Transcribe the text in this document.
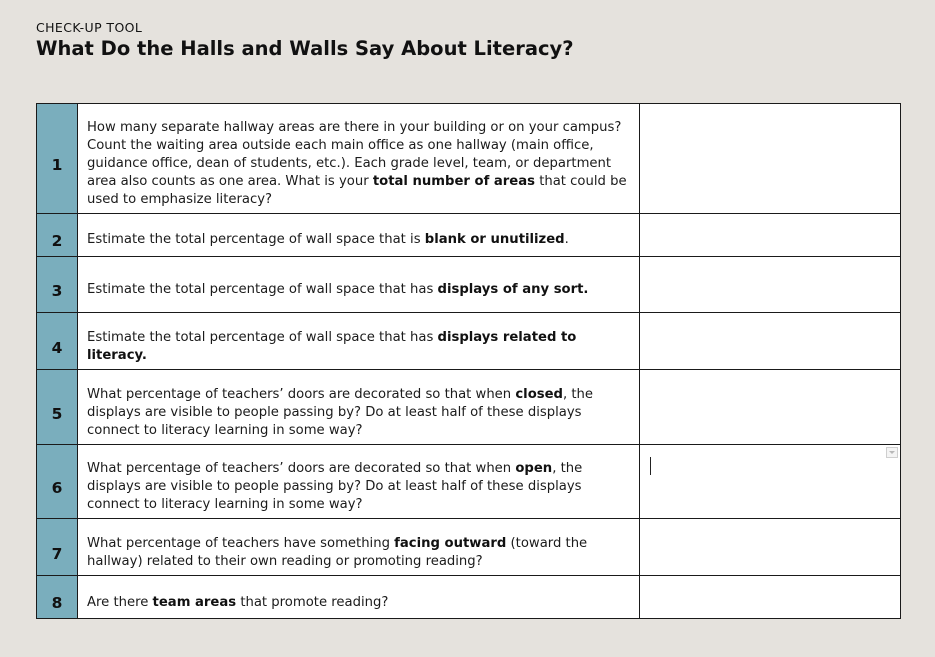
CHECK-UP TOOL
What Do the Halls and Walls Say About Literacy?
1	How many separate hallway areas are there in your building or on your campus? Count the waiting area outside each main office as one hallway (main office, guidance office, dean of students, etc.). Each grade level, team, or department area also counts as one area. What is your total number of areas that could be used to emphasize literacy?	

2	Estimate the total percentage of wall space that is blank or unutilized.	

3	Estimate the total percentage of wall space that has displays of any sort.	

4	Estimate the total percentage of wall space that has displays related to literacy.	

5	What percentage of teachers’ doors are decorated so that when closed, the displays are visible to people passing by? Do at least half of these displays connect to literacy learning in some way?	

6	What percentage of teachers’ doors are decorated so that when open, the displays are visible to people passing by? Do at least half of these displays connect to literacy learning in some way?	

7	What percentage of teachers have something facing outward (toward the hallway) related to their own reading or promoting reading?	

8	Are there team areas that promote reading?	
